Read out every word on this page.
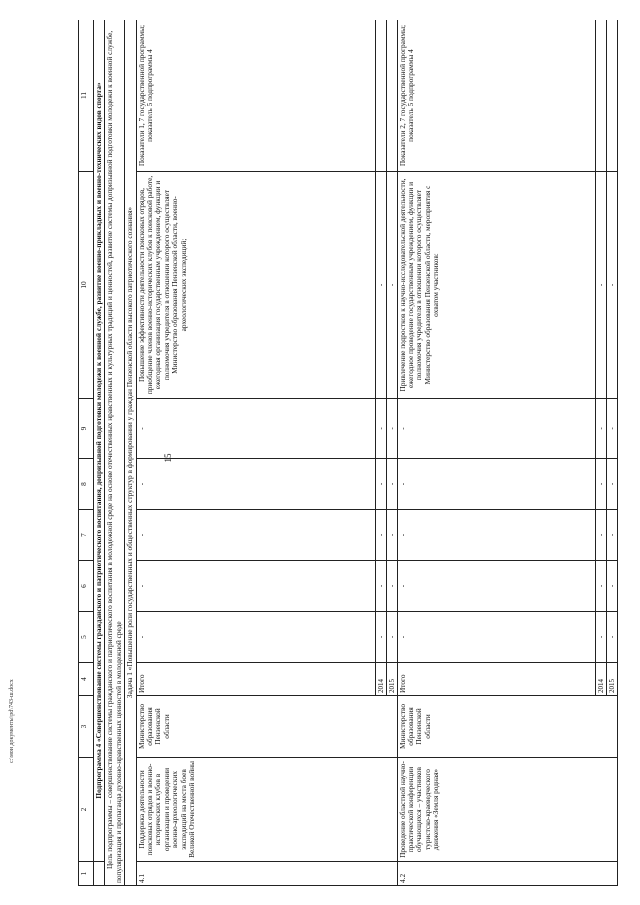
15
c:\мои документы\pd\743-ш.docx
1	2	3	4	5	6	7	8	9	10	11
	Подпрограмма 4 «Совершенствование системы гражданского и патриотического воспитания, допризывной подготовки молодежи к военной службе, развитие военно-прикладных и военно-технических видов спорта»									
Цель подпрограммы – совершенствование системы гражданского и патриотического воспитания в молодежной среде на основе отечественных нравственных и культурных традиций и ценностей, развитие системы допризывной подготовки молодежи к военной службе, популяризация и пропаганда духовно-нравственных ценностей в молодежной среде										
Задача 1 «Повышение роли государственных и общественных структур в формировании у граждан Пензенской области высокого патриотического сознания»										
4.1	Поддержка деятельности поисковых отрядов и военно-исторических клубов в организации и проведении военно-археологических экспедиций на места боев Великой Отечественной войны	Министерство образования Пензенской области	Итого	-	-	-	-	-	Повышение эффективности деятельности поисковых отрядов, приобщение членов военно-исторических клубов к поисковой работе, ежегодная организация государственным учреждением, функции и полномочия учредителя в отношении которого осуществляет Министерство образования Пензенской области, военно-археологических экспедиций;	Показатели 1, 7 государственной программы; показатель 5 подпрограммы 4
			2014	-	-	-	-	-	-	
			2015	-	-	-	-	-	-	
4.2	Проведение областной научно-практической конференции обучающихся – участников туристско-краеведческого движения «Земля родная»	Министерство образования Пензенской области	Итого	-	-	-	-	-	Привлечение подростков к научно-исследовательской деятельности, ежегодное проведение государственным учреждением, функции и полномочия учредителя в отношении которого осуществляет Министерство образования Пензенской области, мероприятия с охватом участников:	Показатели 2, 7 государственной программы; показатель 5 подпрограммы 4
			2014	-	-	-	-	-	-	
			2015	-	-	-	-	-	-	
